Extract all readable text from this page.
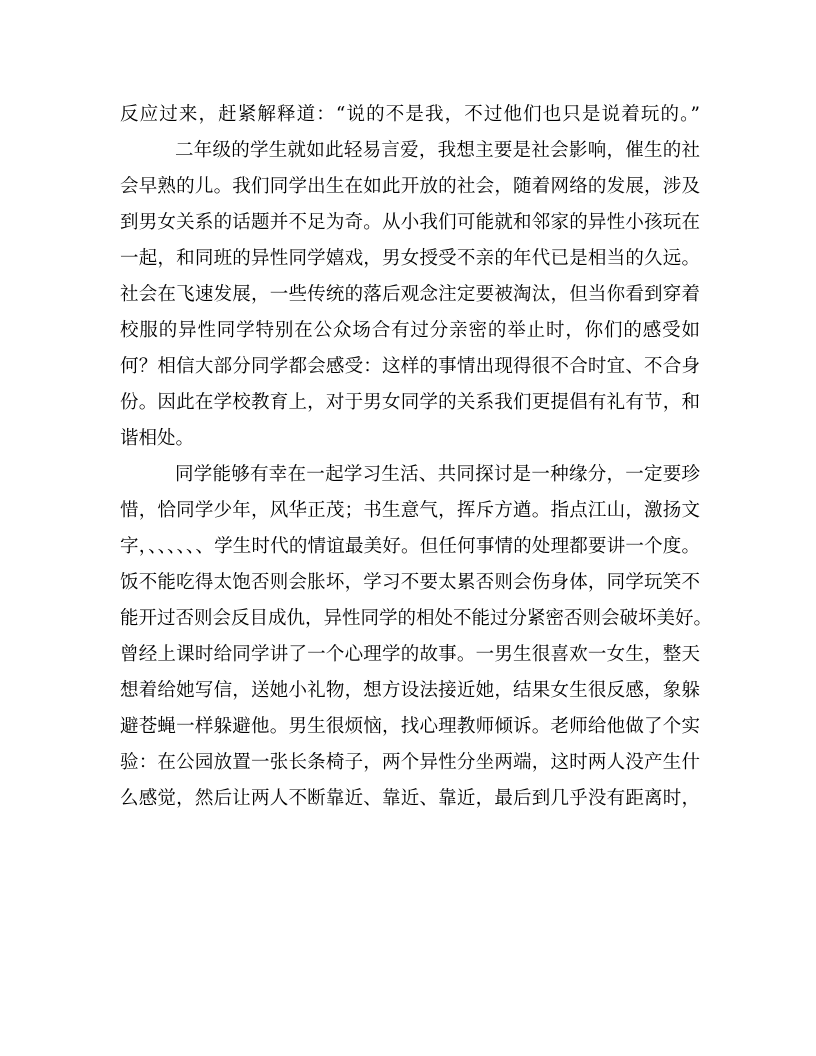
反应过来，赶紧解释道：“说的不是我，不过他们也只是说着玩的。”
二年级的学生就如此轻易言爱，我想主要是社会影响，催生的社
会早熟的儿。我们同学出生在如此开放的社会，随着网络的发展，涉及
到男女关系的话题并不足为奇。从小我们可能就和邻家的异性小孩玩在
一起，和同班的异性同学嬉戏，男女授受不亲的年代已是相当的久远。
社会在飞速发展，一些传统的落后观念注定要被淘汰，但当你看到穿着
校服的异性同学特别在公众场合有过分亲密的举止时，你们的感受如
何？相信大部分同学都会感受：这样的事情出现得很不合时宜、不合身
份。因此在学校教育上，对于男女同学的关系我们更提倡有礼有节，和
谐相处。
同学能够有幸在一起学习生活、共同探讨是一种缘分，一定要珍
惜，恰同学少年，风华正茂；书生意气，挥斥方遒。指点江山，激扬文
字，、、、、、、学生时代的情谊最美好。但任何事情的处理都要讲一个度。
饭不能吃得太饱否则会胀坏，学习不要太累否则会伤身体，同学玩笑不
能开过否则会反目成仇，异性同学的相处不能过分紧密否则会破坏美好。
曾经上课时给同学讲了一个心理学的故事。一男生很喜欢一女生，整天
想着给她写信，送她小礼物，想方设法接近她，结果女生很反感，象躲
避苍蝇一样躲避他。男生很烦恼，找心理教师倾诉。老师给他做了个实
验：在公园放置一张长条椅子，两个异性分坐两端，这时两人没产生什
么感觉，然后让两人不断靠近、靠近、靠近，最后到几乎没有距离时，
